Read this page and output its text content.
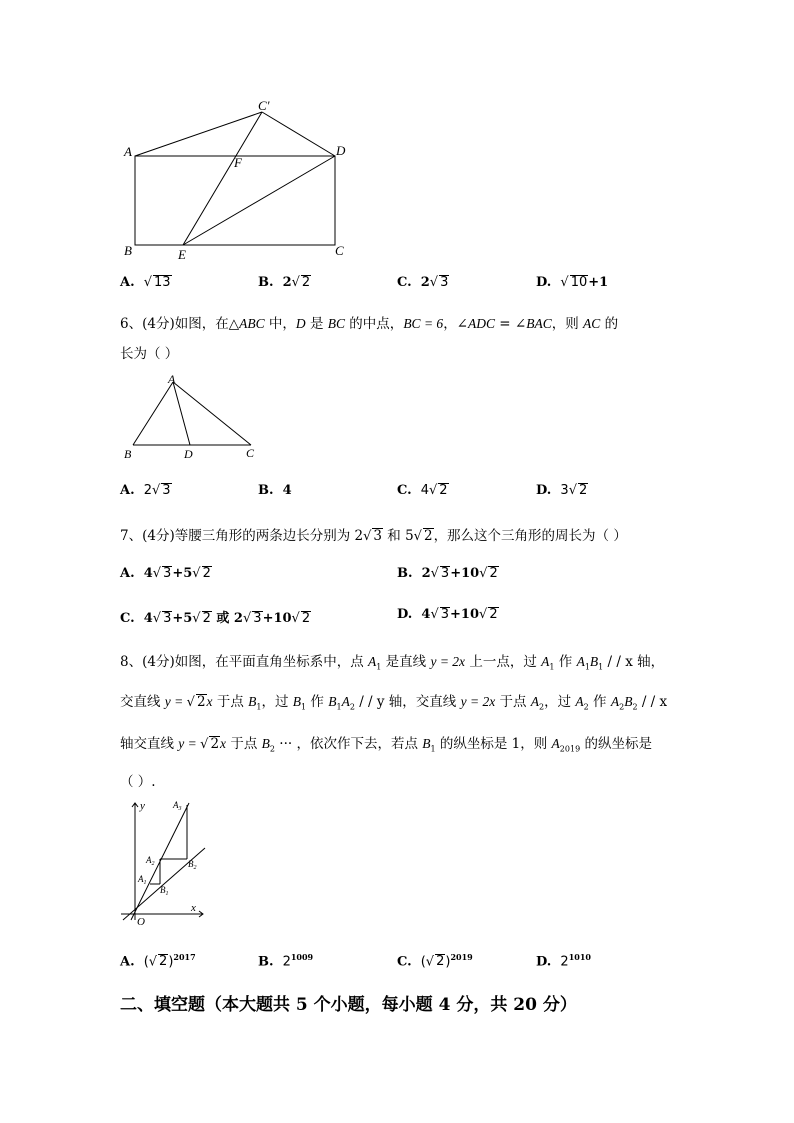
A
B	C
D
E
F
C'
A. √ 13	B. 2√ 2	C. 2√ 3	D. √ 10+1
6、(4分)如图，在△ABC 中，D 是 BC 的中点，BC = 6，∠ADC = ∠BAC，则 AC 的
长为（ ）
A
B	D	C
A. 2√ 3	B. 4	C. 4√ 2	D. 3√ 2
7、(4分)等腰三角形的两条边长分别为 2√ 3 和 5√ 2，那么这个三角形的周长为（ ）
A. 4√ 3+5√ 2	B. 2√ 3+10√ 2
C. 4√ 3+5√ 2 或 2√ 3+10√ 2	D. 4√ 3+10√ 2
8、(4分)如图，在平面直角坐标系中，点 $A_1$ 是直线 y = 2x 上一点，过 $A_1$ 作 $A_1B_1$ / / x 轴，
交直线 y = √ 2x 于点 $B_1$，过 $B_1$ 作 $B_1A_2$ / / y 轴，交直线 y = 2x 于点 $A_2$，过 $A_2$ 作 $A_2B_2$ / / x
轴交直线 y = √ 2x 于点 $B_2$ ··· ，依次作下去，若点 $B_1$ 的纵坐标是 1，则 $A_{2019}$ 的纵坐标是
（ ）.
y
x
O
$A_1$
$B_1$
$A_2$	$B_2$
$A_3$
A. (√ 2)$^{2017}$	B. $2^{1009}$	C. (√ 2)$^{2019}$	D. $2^{1010}$
二、填空题（本大题共 5 个小题，每小题 4 分，共 20 分）
